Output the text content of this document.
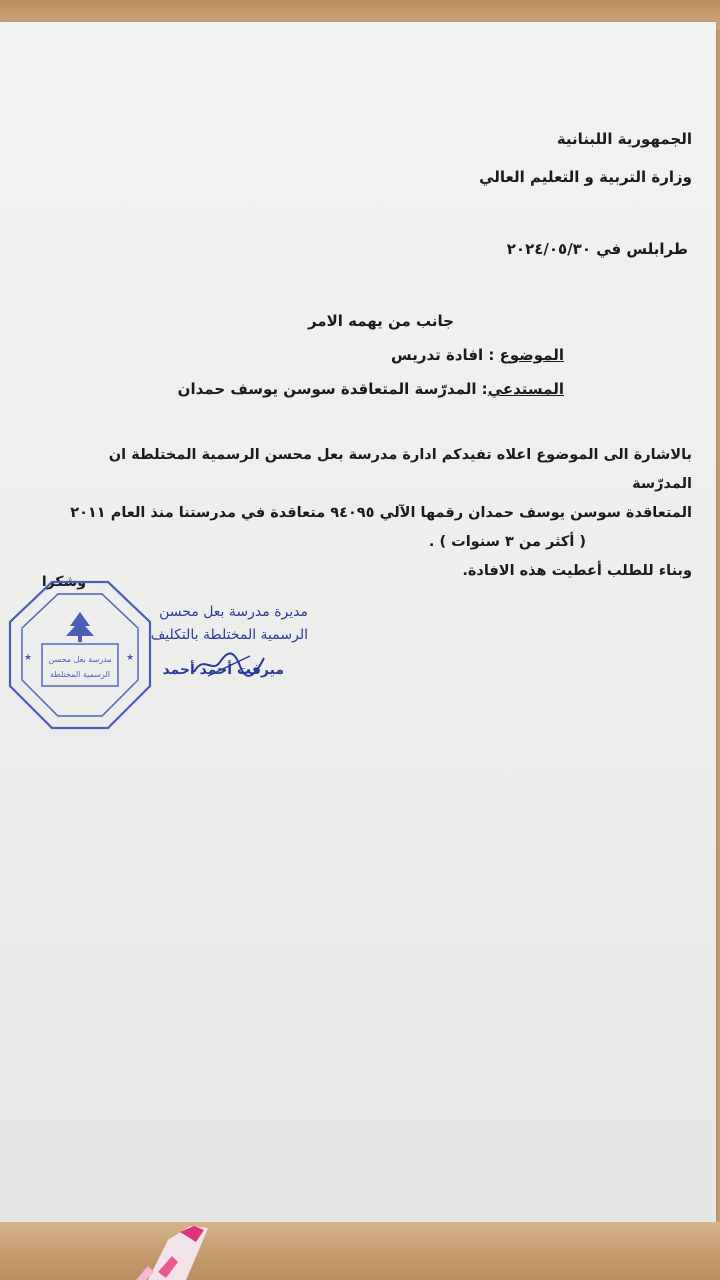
الجمهورية اللبنانية
وزارة التربية و التعليم العالي
طرابلس في ٢٠٢٤/٠٥/٣٠
جانب من يهمه الامر
الموضوع : افادة تدريس
المستدعي: المدرّسة المتعاقدة سوسن يوسف حمدان
بالاشارة الى الموضوع اعلاه تفيدكم ادارة مدرسة بعل محسن الرسمية المختلطة ان المدرّسة
المتعاقدة سوسن يوسف حمدان رقمها الآلي ٩٤٠٩٥ متعاقدة في مدرستنا منذ العام ٢٠١١
( أكثر من ٣ سنوات ) .
وبناء للطلب أعطيت هذه الافادة.
وشكرا
مديرة مدرسة بعل محسن
الرسمية المختلطة بالتكليف
ميرفت أحمد أحمد
مدرسة بعل محسن
الرسمية المختلطة
★	★
